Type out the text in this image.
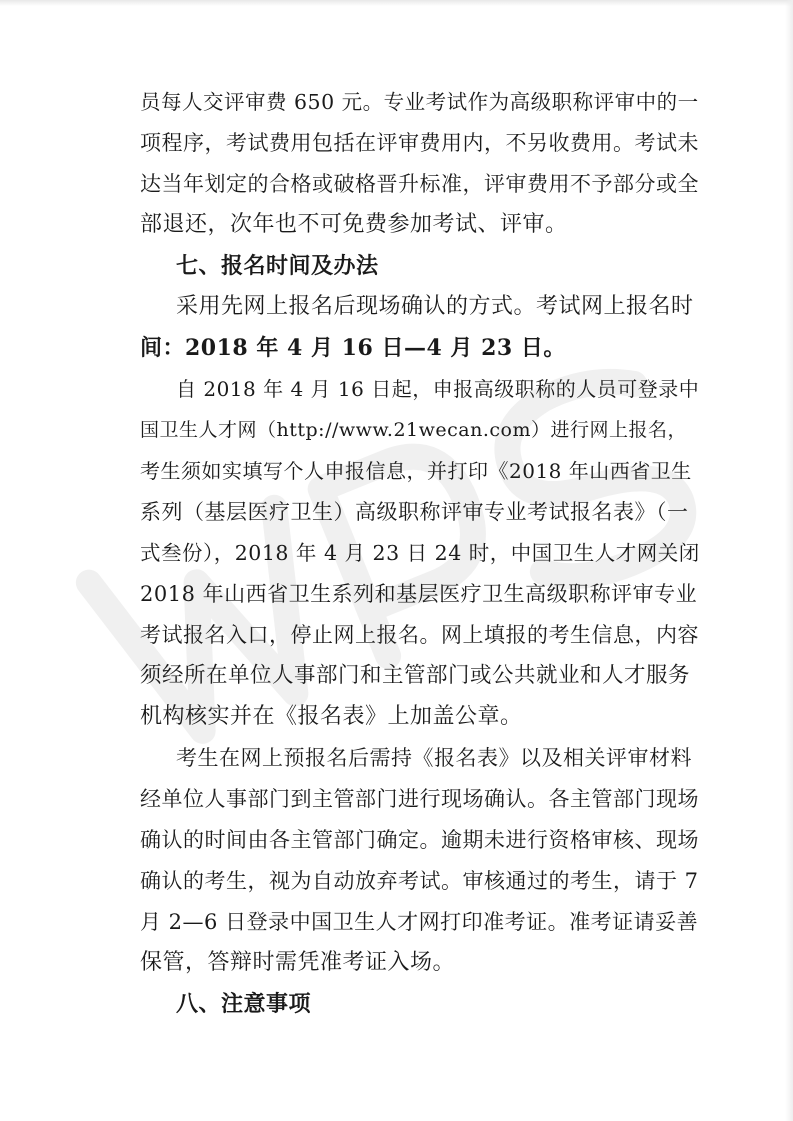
员每人交评审费 650 元。专业考试作为高级职称评审中的一
项程序，考试费用包括在评审费用内，不另收费用。考试未
达当年划定的合格或破格晋升标准，评审费用不予部分或全
部退还，次年也不可免费参加考试、评审。
七、报名时间及办法
采用先网上报名后现场确认的方式。考试网上报名时
间：2018 年 4 月 16 日—4 月 23 日。
自 2018 年 4 月 16 日起，申报高级职称的人员可登录中
国卫生人才网（http://www.21wecan.com）进行网上报名，
考生须如实填写个人申报信息，并打印《2018 年山西省卫生
系列（基层医疗卫生）高级职称评审专业考试报名表》（一
式叁份），2018 年 4 月 23 日 24 时，中国卫生人才网关闭
2018 年山西省卫生系列和基层医疗卫生高级职称评审专业
考试报名入口，停止网上报名。网上填报的考生信息，内容
须经所在单位人事部门和主管部门或公共就业和人才服务
机构核实并在《报名表》上加盖公章。
考生在网上预报名后需持《报名表》以及相关评审材料
经单位人事部门到主管部门进行现场确认。各主管部门现场
确认的时间由各主管部门确定。逾期未进行资格审核、现场
确认的考生，视为自动放弃考试。审核通过的考生，请于 7
月 2—6 日登录中国卫生人才网打印准考证。准考证请妥善
保管，答辩时需凭准考证入场。
八、注意事项
